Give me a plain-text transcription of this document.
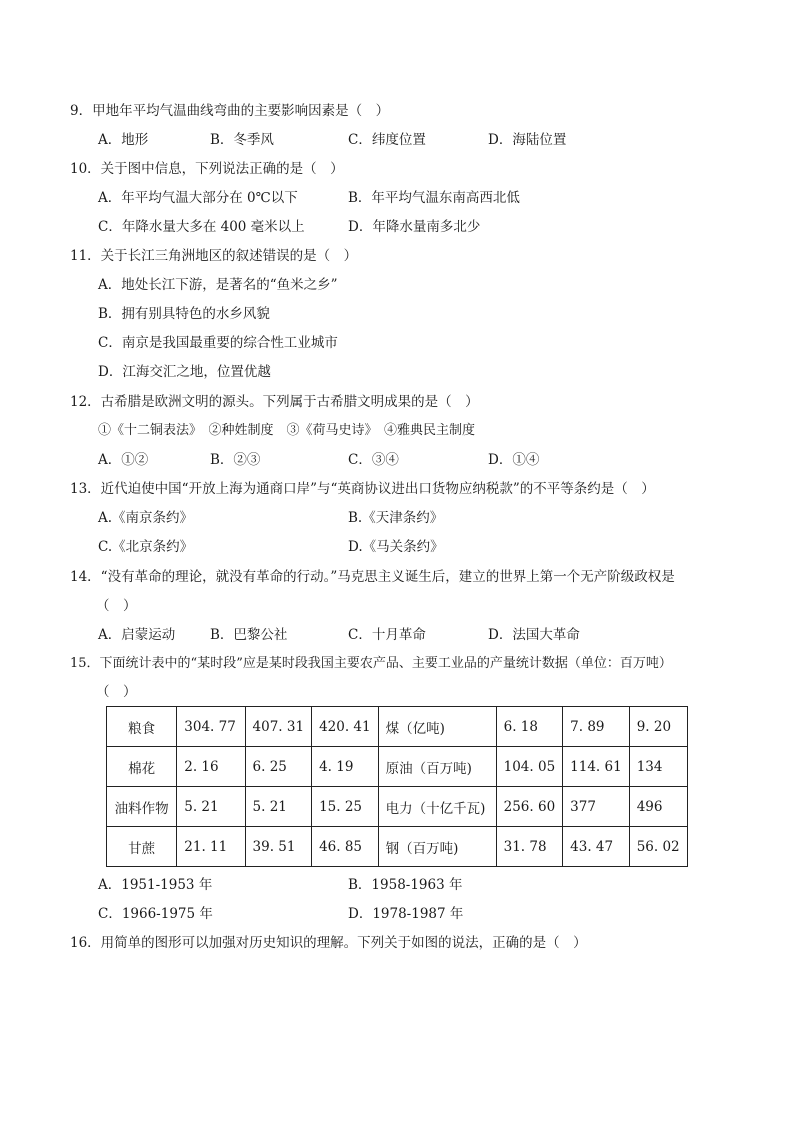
9．甲地年平均气温曲线弯曲的主要影响因素是（　）
A．地形	B．冬季风	C．纬度位置	D．海陆位置
10．关于图中信息，下列说法正确的是（　）
A．年平均气温大部分在 0℃以下	B．年平均气温东南高西北低
C．年降水量大多在 400 毫米以上	D．年降水量南多北少
11．关于长江三角洲地区的叙述错误的是（　）
A．地处长江下游，是著名的“鱼米之乡”
B．拥有别具特色的水乡风貌
C．南京是我国最重要的综合性工业城市
D．江海交汇之地，位置优越
12．古希腊是欧洲文明的源头。下列属于古希腊文明成果的是（　）
①《十二铜表法》　②种姓制度　③《荷马史诗》　④雅典民主制度
A．①②	B．②③	C．③④	D．①④
13．近代迫使中国“开放上海为通商口岸”与“英商协议进出口货物应纳税款”的不平等条约是（　）
A.《南京条约》	B.《天津条约》
C.《北京条约》	D.《马关条约》
14．“没有革命的理论，就没有革命的行动。”马克思主义诞生后，建立的世界上第一个无产阶级政权是
（　）
A．启蒙运动	B．巴黎公社	C．十月革命	D．法国大革命
15．下面统计表中的“某时段”应是某时段我国主要农产品、主要工业品的产量统计数据（单位：百万吨）
（　）
粮食	304. 77	407. 31	420. 41	煤（亿吨)	6. 18	7. 89	9. 20
棉花	2. 16	6. 25	4. 19	原油（百万吨)	104. 05	114. 61	134
油料作物	5. 21	5. 21	15. 25	电力（十亿千瓦)	256. 60	377	496
甘蔗	21. 11	39. 51	46. 85	钢（百万吨)	31. 78	43. 47	56. 02
A．1951-1953 年	B．1958-1963 年
C．1966-1975 年	D．1978-1987 年
16．用简单的图形可以加强对历史知识的理解。下列关于如图的说法，正确的是（　）
